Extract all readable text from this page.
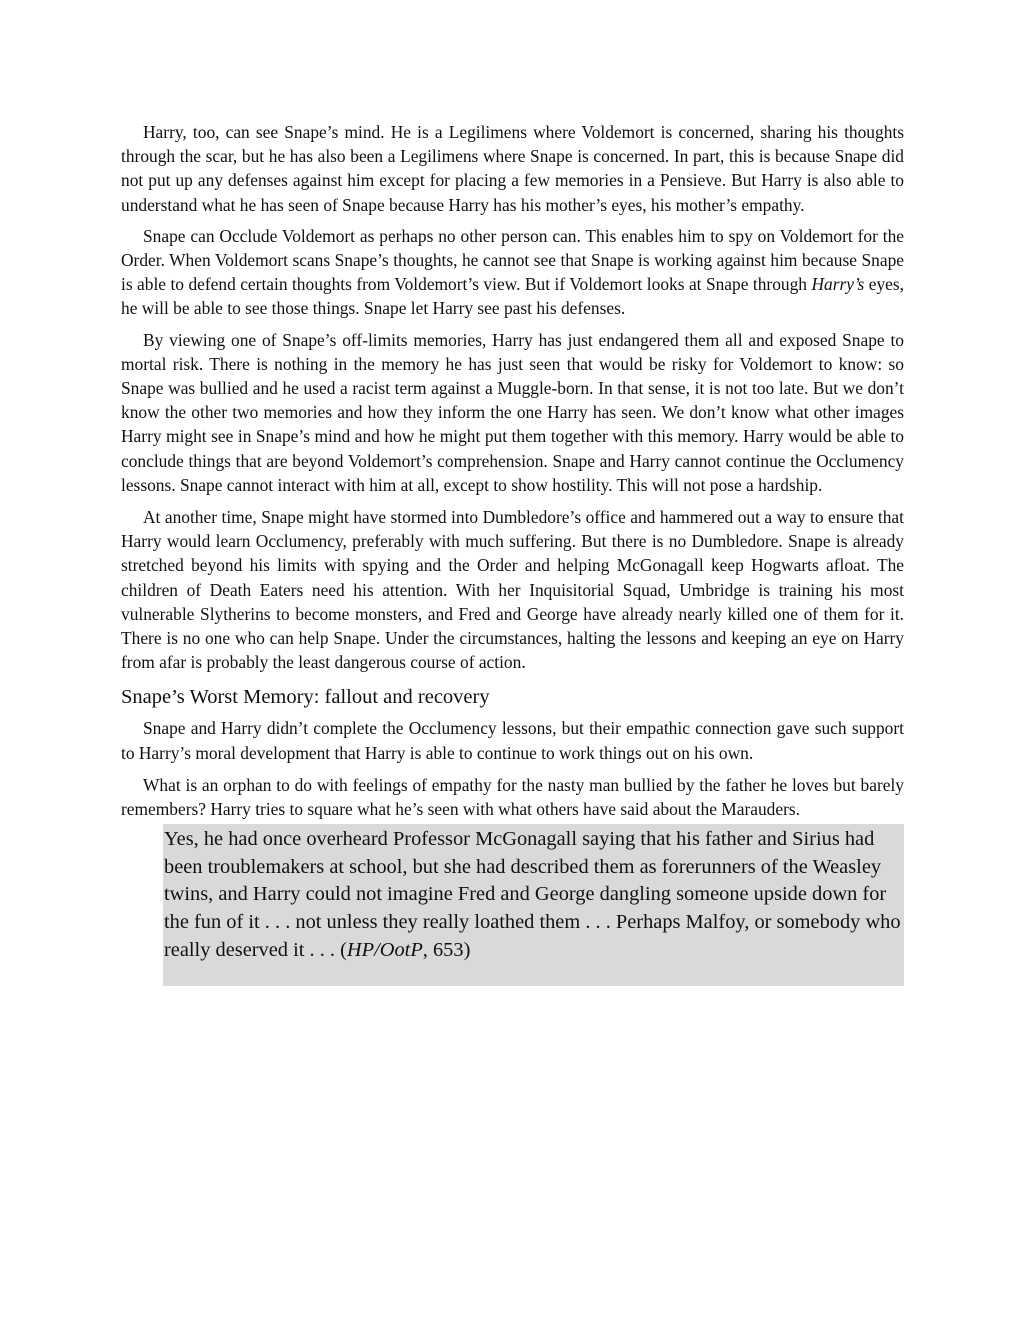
Harry, too, can see Snape’s mind. He is a Legilimens where Voldemort is concerned, sharing his thoughts through the scar, but he has also been a Legilimens where Snape is concerned. In part, this is because Snape did not put up any defenses against him except for placing a few memories in a Pensieve. But Harry is also able to understand what he has seen of Snape because Harry has his mother’s eyes, his mother’s empathy.

Snape can Occlude Voldemort as perhaps no other person can. This enables him to spy on Voldemort for the Order. When Voldemort scans Snape’s thoughts, he cannot see that Snape is working against him because Snape is able to defend certain thoughts from Voldemort’s view. But if Voldemort looks at Snape through Harry’s eyes, he will be able to see those things. Snape let Harry see past his defenses.

By viewing one of Snape’s off-limits memories, Harry has just endangered them all and exposed Snape to mortal risk. There is nothing in the memory he has just seen that would be risky for Voldemort to know: so Snape was bullied and he used a racist term against a Muggle-born. In that sense, it is not too late. But we don’t know the other two memories and how they inform the one Harry has seen. We don’t know what other images Harry might see in Snape’s mind and how he might put them together with this memory. Harry would be able to conclude things that are beyond Voldemort’s comprehension. Snape and Harry cannot continue the Occlumency lessons. Snape cannot interact with him at all, except to show hostility. This will not pose a hardship.

At another time, Snape might have stormed into Dumbledore’s office and hammered out a way to ensure that Harry would learn Occlumency, preferably with much suffering. But there is no Dumbledore. Snape is already stretched beyond his limits with spying and the Order and helping McGonagall keep Hogwarts afloat. The children of Death Eaters need his attention. With her Inquisitorial Squad, Umbridge is training his most vulnerable Slytherins to become monsters, and Fred and George have already nearly killed one of them for it. There is no one who can help Snape. Under the circumstances, halting the lessons and keeping an eye on Harry from afar is probably the least dangerous course of action.

Snape’s Worst Memory: fallout and recovery

Snape and Harry didn’t complete the Occlumency lessons, but their empathic connection gave such support to Harry’s moral development that Harry is able to continue to work things out on his own.

What is an orphan to do with feelings of empathy for the nasty man bullied by the father he loves but barely remembers? Harry tries to square what he’s seen with what others have said about the Marauders.

Yes, he had once overheard Professor McGonagall saying that his father and Sirius had been troublemakers at school, but she had described them as forerunners of the Weasley twins, and Harry could not imagine Fred and George dangling someone upside down for the fun of it . . . not unless they really loathed them . . . Perhaps Malfoy, or somebody who really deserved it . . . (HP/OotP, 653)
